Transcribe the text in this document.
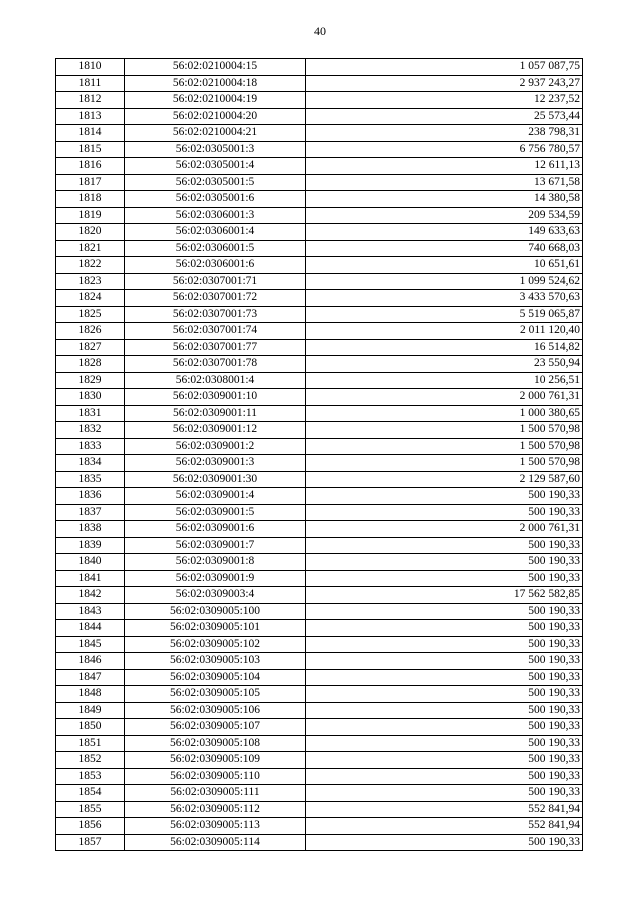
40
1810	56:02:0210004:15	1 057 087,75
1811	56:02:0210004:18	2 937 243,27
1812	56:02:0210004:19	12 237,52
1813	56:02:0210004:20	25 573,44
1814	56:02:0210004:21	238 798,31
1815	56:02:0305001:3	6 756 780,57
1816	56:02:0305001:4	12 611,13
1817	56:02:0305001:5	13 671,58
1818	56:02:0305001:6	14 380,58
1819	56:02:0306001:3	209 534,59
1820	56:02:0306001:4	149 633,63
1821	56:02:0306001:5	740 668,03
1822	56:02:0306001:6	10 651,61
1823	56:02:0307001:71	1 099 524,62
1824	56:02:0307001:72	3 433 570,63
1825	56:02:0307001:73	5 519 065,87
1826	56:02:0307001:74	2 011 120,40
1827	56:02:0307001:77	16 514,82
1828	56:02:0307001:78	23 550,94
1829	56:02:0308001:4	10 256,51
1830	56:02:0309001:10	2 000 761,31
1831	56:02:0309001:11	1 000 380,65
1832	56:02:0309001:12	1 500 570,98
1833	56:02:0309001:2	1 500 570,98
1834	56:02:0309001:3	1 500 570,98
1835	56:02:0309001:30	2 129 587,60
1836	56:02:0309001:4	500 190,33
1837	56:02:0309001:5	500 190,33
1838	56:02:0309001:6	2 000 761,31
1839	56:02:0309001:7	500 190,33
1840	56:02:0309001:8	500 190,33
1841	56:02:0309001:9	500 190,33
1842	56:02:0309003:4	17 562 582,85
1843	56:02:0309005:100	500 190,33
1844	56:02:0309005:101	500 190,33
1845	56:02:0309005:102	500 190,33
1846	56:02:0309005:103	500 190,33
1847	56:02:0309005:104	500 190,33
1848	56:02:0309005:105	500 190,33
1849	56:02:0309005:106	500 190,33
1850	56:02:0309005:107	500 190,33
1851	56:02:0309005:108	500 190,33
1852	56:02:0309005:109	500 190,33
1853	56:02:0309005:110	500 190,33
1854	56:02:0309005:111	500 190,33
1855	56:02:0309005:112	552 841,94
1856	56:02:0309005:113	552 841,94
1857	56:02:0309005:114	500 190,33
